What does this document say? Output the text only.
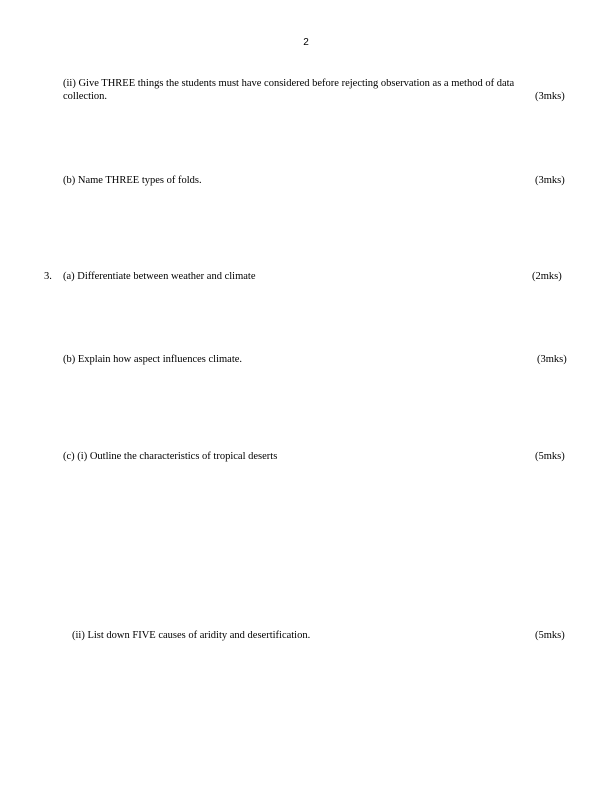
2
(ii) Give THREE things the students must have considered before rejecting observation as a method of data
collection.	(3mks)
(b) Name THREE types of folds.	(3mks)
3. (a) Differentiate between weather and climate	(2mks)
(b) Explain how aspect influences climate.	(3mks)
(c) (i) Outline the characteristics of tropical deserts	(5mks)
(ii) List down FIVE causes of aridity and desertification.	(5mks)
